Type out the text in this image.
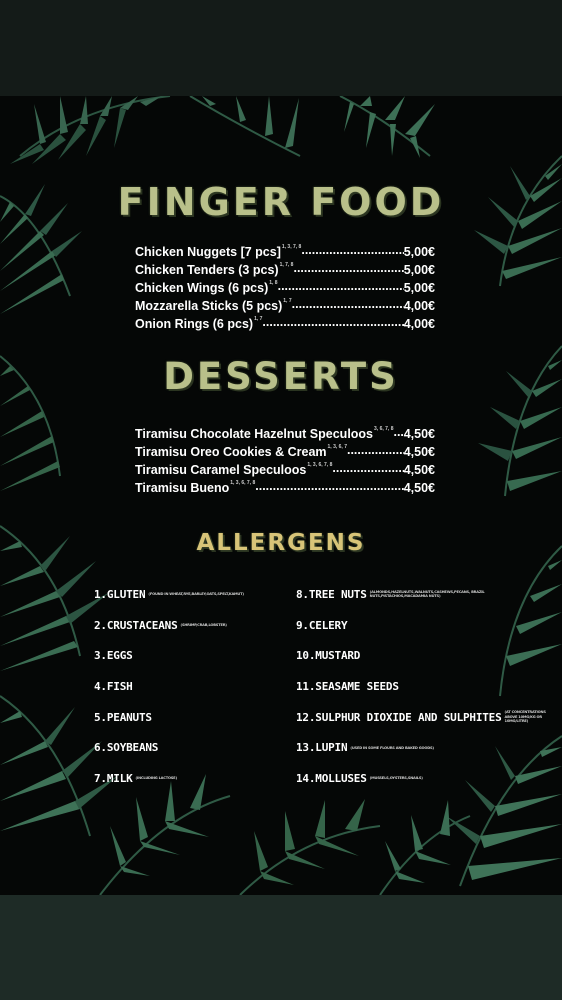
FINGER FOOD
Chicken Nuggets [7 pcs] 1, 3, 7, 8 .....	5,00€
Chicken Tenders (3 pcs) 1, 7, 8 .....	5,00€
Chicken Wings (6 pcs) 1, 8 .....	5,00€
Mozzarella Sticks (5 pcs) 1, 7 .....	4,00€
Onion Rings (6 pcs) 1, 7 .....	4,00€
DESSERTS
Tiramisu Chocolate Hazelnut Speculoos 3, 6, 7, 8 ..... 4,50€
Tiramisu Oreo Cookies & Cream 1, 3, 6, 7 .....	4,50€
Tiramisu Caramel Speculoos 1, 3, 6, 7, 8 .....	4,50€
Tiramisu Bueno 1, 3, 6, 7, 8 .....	4,50€
ALLERGENS
1.GLUTEN (FOUND IN WHEAT,RYE,BARLEY,OATS,SPELT,KAMUT)
2.CRUSTACEANS (SHRIMP,CRAB,LOBSTER)
3.EGGS
4.FISH
5.PEANUTS
6.SOYBEANS
7.MILK (INCLUDING LACTOSE)
8.TREE NUTS (ALMONDS,HAZELNUTS,WALNUTS,CASHEWS,PECANS, BRAZIL NUTS,PISTACHIOS,MACADAMIA NUTS)
9.CELERY
10.MUSTARD
11.SEASAME SEEDS
12.SULPHUR DIOXIDE AND SULPHITES (AT CONCENTRATIONS ABOVE 10MG/KG OR 10MG/LITRE)
13.LUPIN (USED IN SOME FLOURS AND BAKED GOODS)
14.MOLLUSES (MUSSELS,OYSTERS,SNAILS)
